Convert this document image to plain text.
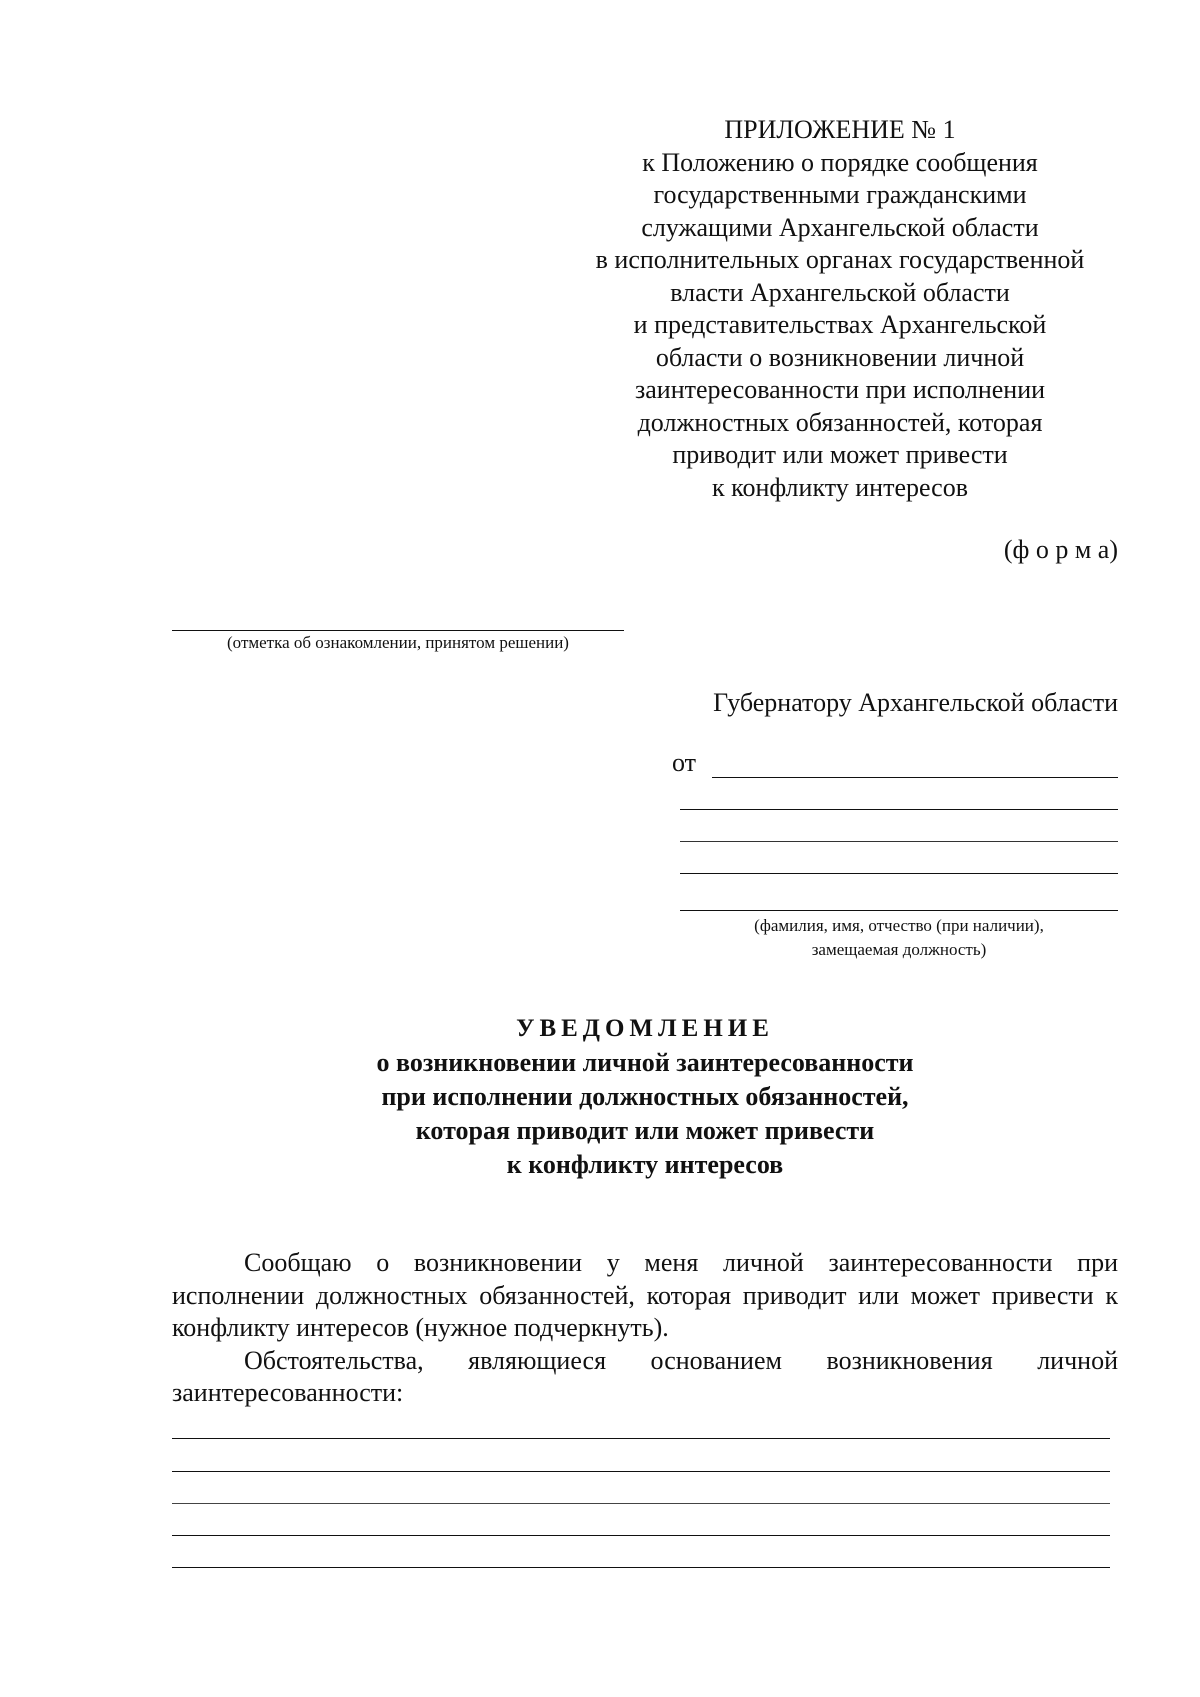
ПРИЛОЖЕНИЕ № 1
к Положению о порядке сообщения
государственными гражданскими
служащими Архангельской области
в исполнительных органах государственной
власти Архангельской области
и представительствах Архангельской
области о возникновении личной
заинтересованности при исполнении
должностных обязанностей, которая
приводит или может привести
к конфликту интересов
(ф о р м а)
(отметка об ознакомлении, принятом решении)
Губернатору Архангельской области
от
(фамилия, имя, отчество (при наличии),
замещаемая должность)
УВЕДОМЛЕНИЕ
о возникновении личной заинтересованности
при исполнении должностных обязанностей,
которая приводит или может привести
к конфликту интересов

Сообщаю о возникновении у меня личной заинтересованности при исполнении должностных обязанностей, которая приводит или может привести к конфликту интересов (нужное подчеркнуть).

Обстоятельства, являющиеся основанием возникновения личной заинтересованности:
